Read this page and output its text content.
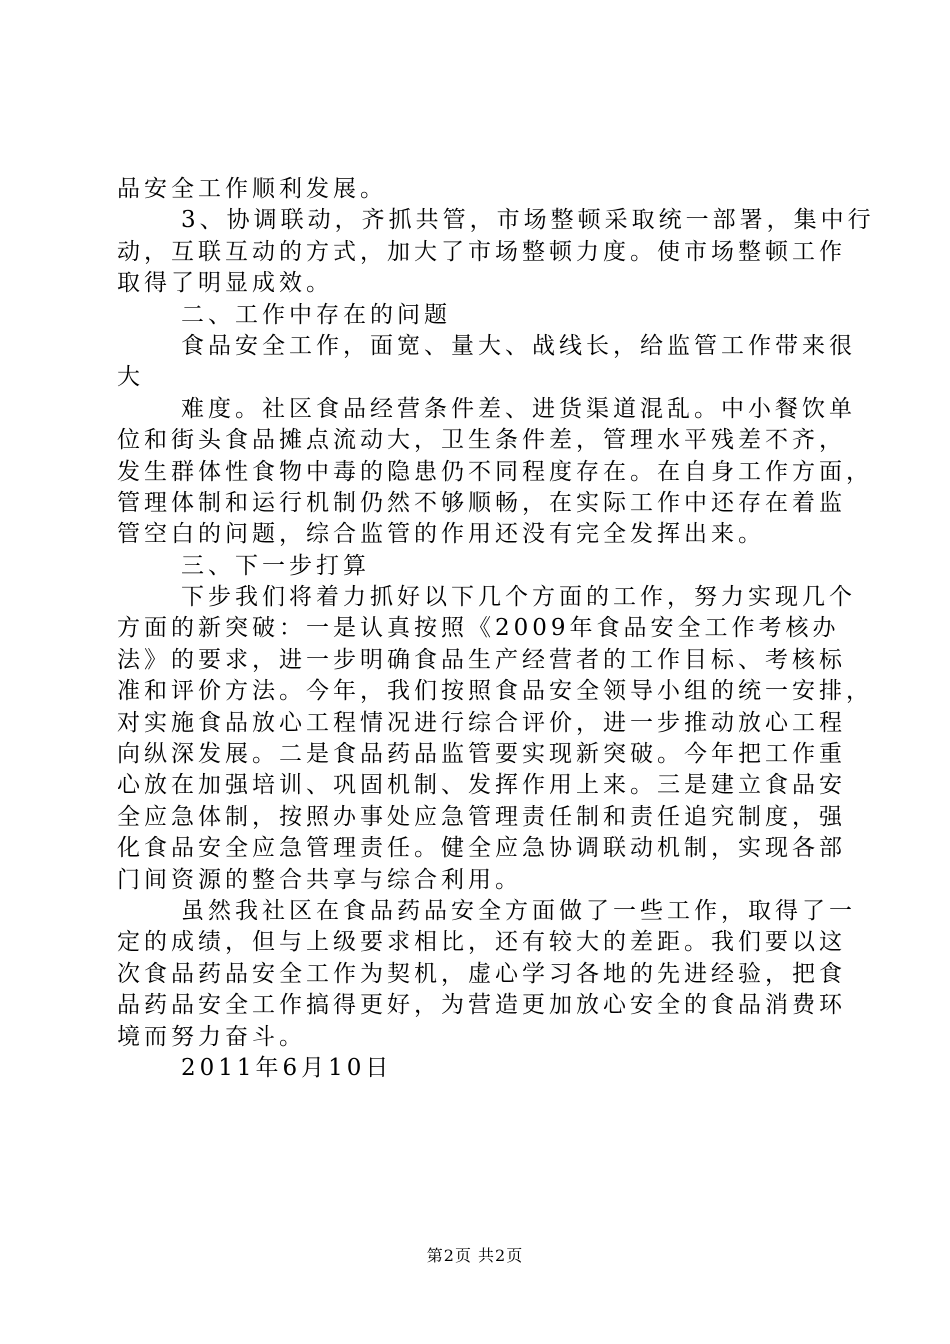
品安全工作顺利发展。
3、协调联动，齐抓共管，市场整顿采取统一部署，集中行
动，互联互动的方式，加大了市场整顿力度。使市场整顿工作
取得了明显成效。
二、工作中存在的问题
食品安全工作，面宽、量大、战线长，给监管工作带来很
大
难度。社区食品经营条件差、进货渠道混乱。中小餐饮单
位和街头食品摊点流动大，卫生条件差，管理水平残差不齐，
发生群体性食物中毒的隐患仍不同程度存在。在自身工作方面，
管理体制和运行机制仍然不够顺畅，在实际工作中还存在着监
管空白的问题，综合监管的作用还没有完全发挥出来。
三、下一步打算
下步我们将着力抓好以下几个方面的工作，努力实现几个
方面的新突破：一是认真按照《2009年食品安全工作考核办
法》的要求，进一步明确食品生产经营者的工作目标、考核标
准和评价方法。今年，我们按照食品安全领导小组的统一安排，
对实施食品放心工程情况进行综合评价，进一步推动放心工程
向纵深发展。二是食品药品监管要实现新突破。今年把工作重
心放在加强培训、巩固机制、发挥作用上来。三是建立食品安
全应急体制，按照办事处应急管理责任制和责任追究制度，强
化食品安全应急管理责任。健全应急协调联动机制，实现各部
门间资源的整合共享与综合利用。
虽然我社区在食品药品安全方面做了一些工作，取得了一
定的成绩，但与上级要求相比，还有较大的差距。我们要以这
次食品药品安全工作为契机，虚心学习各地的先进经验，把食
品药品安全工作搞得更好，为营造更加放心安全的食品消费环
境而努力奋斗。
2011年6月10日
第2页 共2页
